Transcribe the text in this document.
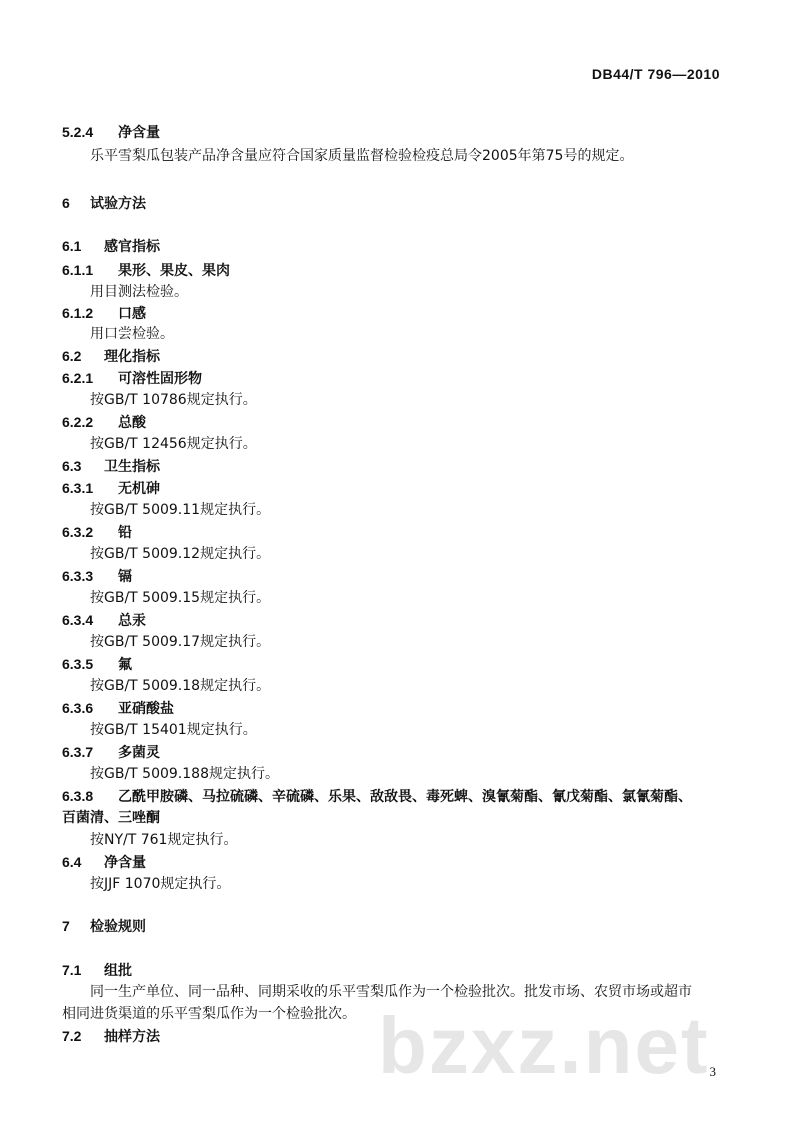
DB44/T 796—2010
5.2.4 净含量
乐平雪梨瓜包装产品净含量应符合国家质量监督检验检疫总局令2005年第75号的规定。
6 试验方法
6.1 感官指标
6.1.1 果形、果皮、果肉
用目测法检验。
6.1.2 口感
用口尝检验。
6.2 理化指标
6.2.1 可溶性固形物
按GB/T 10786规定执行。
6.2.2 总酸
按GB/T 12456规定执行。
6.3 卫生指标
6.3.1 无机砷
按GB/T 5009.11规定执行。
6.3.2 铅
按GB/T 5009.12规定执行。
6.3.3 镉
按GB/T 5009.15规定执行。
6.3.4 总汞
按GB/T 5009.17规定执行。
6.3.5 氟
按GB/T 5009.18规定执行。
6.3.6 亚硝酸盐
按GB/T 15401规定执行。
6.3.7 多菌灵
按GB/T 5009.188规定执行。
6.3.8 乙酰甲胺磷、马拉硫磷、辛硫磷、乐果、敌敌畏、毒死蜱、溴氰菊酯、氰戊菊酯、氯氰菊酯、
百菌清、三唑酮
按NY/T 761规定执行。
6.4 净含量
按JJF 1070规定执行。
7 检验规则
7.1 组批
同一生产单位、同一品种、同期采收的乐平雪梨瓜作为一个检验批次。批发市场、农贸市场或超市
相同进货渠道的乐平雪梨瓜作为一个检验批次。
7.2 抽样方法	bzxz.net 3
